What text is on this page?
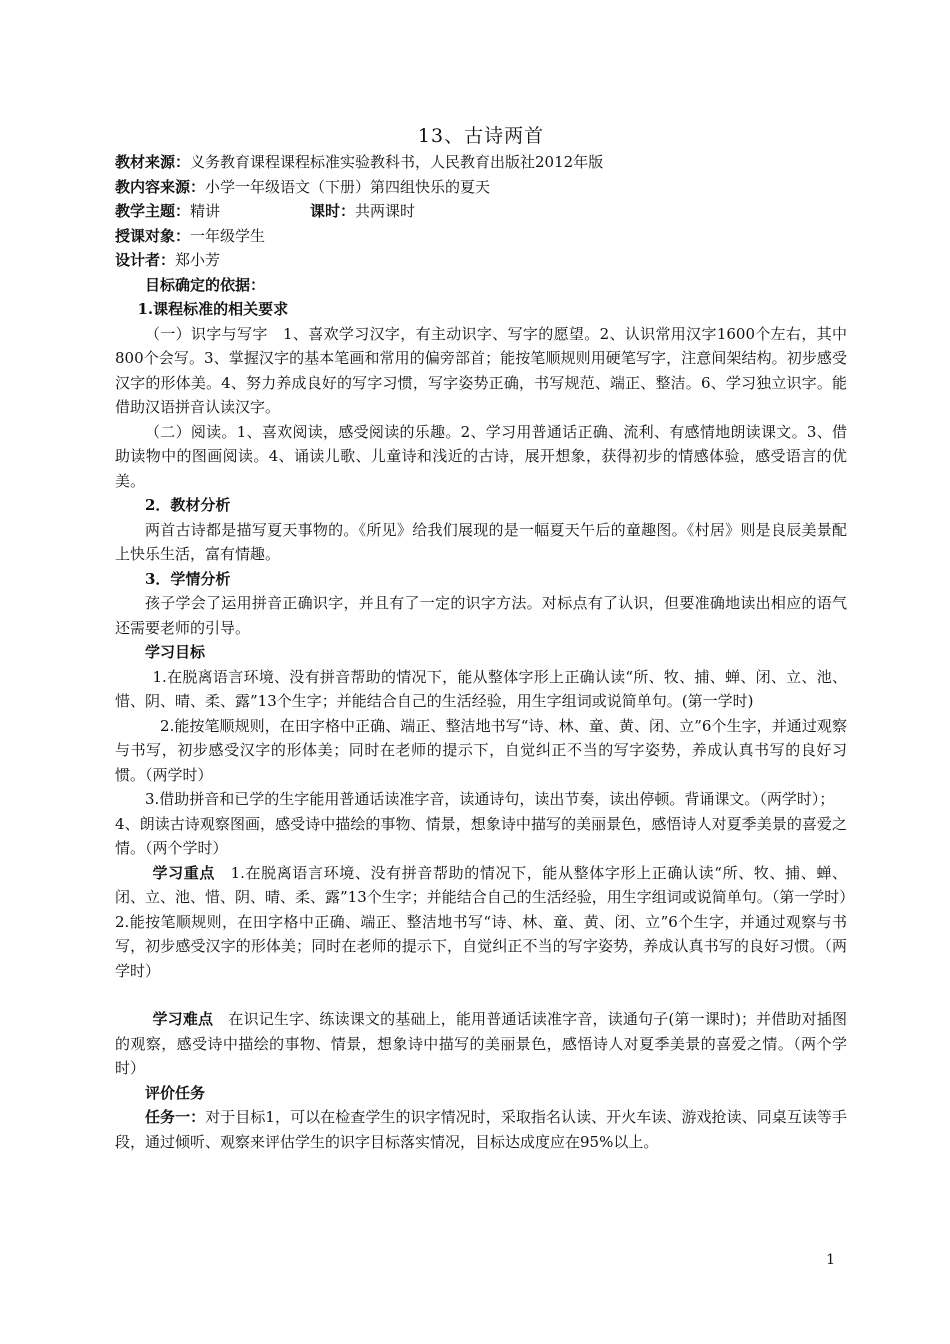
13、古诗两首

教材来源：义务教育课程课程标准实验教科书，人民教育出版社2012年版

教内容来源：小学一年级语文（下册）第四组快乐的夏天

教学主题：精讲	课时：共两课时

授课对象：一年级学生

设计者：郑小芳

目标确定的依据：

1.课程标准的相关要求

（一）识字与写字　1、喜欢学习汉字，有主动识字、写字的愿望。2、认识常用汉字1600个左右，其中800个会写。3、掌握汉字的基本笔画和常用的偏旁部首；能按笔顺规则用硬笔写字，注意间架结构。初步感受汉字的形体美。4、努力养成良好的写字习惯，写字姿势正确，书写规范、端正、整洁。6、学习独立识字。能借助汉语拼音认读汉字。

（二）阅读。1、喜欢阅读，感受阅读的乐趣。2、学习用普通话正确、流利、有感情地朗读课文。3、借助读物中的图画阅读。4、诵读儿歌、儿童诗和浅近的古诗，展开想象，获得初步的情感体验，感受语言的优美。

2．教材分析

两首古诗都是描写夏天事物的。《所见》给我们展现的是一幅夏天午后的童趣图。《村居》则是良辰美景配上快乐生活，富有情趣。

3．学情分析

孩子学会了运用拼音正确识字，并且有了一定的识字方法。对标点有了认识，但要准确地读出相应的语气还需要老师的引导。

学习目标

1.在脱离语言环境、没有拼音帮助的情况下，能从整体字形上正确认读“所、牧、捕、蝉、闭、立、池、惜、阴、晴、柔、露”13个生字；并能结合自己的生活经验，用生字组词或说简单句。(第一学时)

2.能按笔顺规则，在田字格中正确、端正、整洁地书写“诗、林、童、黄、闭、立”6个生字，并通过观察与书写，初步感受汉字的形体美；同时在老师的提示下，自觉纠正不当的写字姿势，养成认真书写的良好习惯。（两学时）

3.借助拼音和已学的生字能用普通话读准字音，读通诗句，读出节奏，读出停顿。背诵课文。（两学时）；

4、朗读古诗观察图画，感受诗中描绘的事物、情景，想象诗中描写的美丽景色，感悟诗人对夏季美景的喜爱之情。（两个学时）

学习重点　 1.在脱离语言环境、没有拼音帮助的情况下，能从整体字形上正确认读“所、牧、捕、蝉、闭、立、池、惜、阴、晴、柔、露”13个生字；并能结合自己的生活经验，用生字组词或说简单句。（第一学时）

2.能按笔顺规则，在田字格中正确、端正、整洁地书写“诗、林、童、黄、闭、立”6个生字，并通过观察与书写，初步感受汉字的形体美；同时在老师的提示下，自觉纠正不当的写字姿势，养成认真书写的良好习惯。（两学时）

学习难点　 在识记生字、练读课文的基础上，能用普通话读准字音，读通句子(第一课时)；并借助对插图的观察，感受诗中描绘的事物、情景，想象诗中描写的美丽景色，感悟诗人对夏季美景的喜爱之情。（两个学时）

评价任务

任务一：对于目标1，可以在检查学生的识字情况时，采取指名认读、开火车读、游戏抢读、同桌互读等手段，通过倾听、观察来评估学生的识字目标落实情况，目标达成度应在95%以上。

1
